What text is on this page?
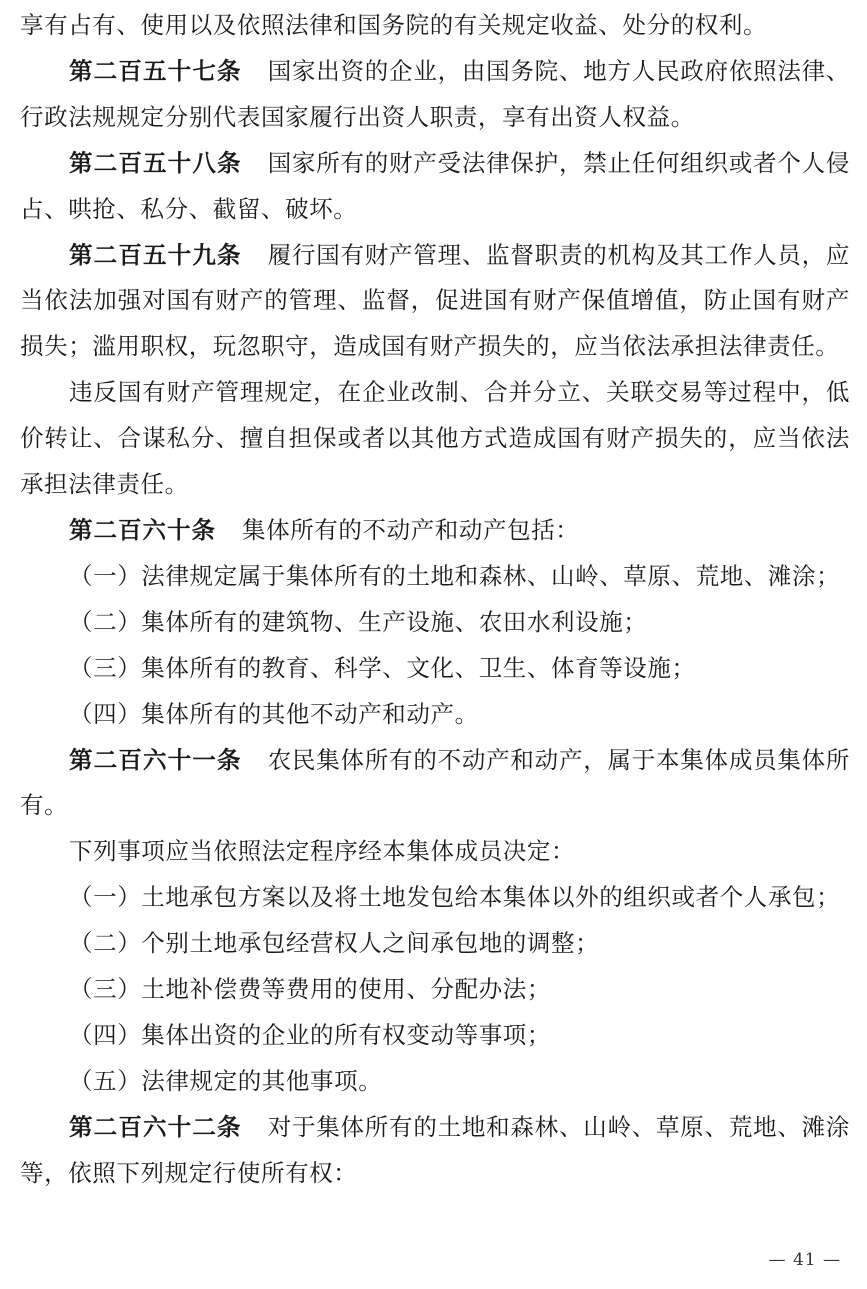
享有占有、使用以及依照法律和国务院的有关规定收益、处分的权利。

第二百五十七条 国家出资的企业，由国务院、地方人民政府依照法律、行政法规规定分别代表国家履行出资人职责，享有出资人权益。

第二百五十八条 国家所有的财产受法律保护，禁止任何组织或者个人侵占、哄抢、私分、截留、破坏。

第二百五十九条 履行国有财产管理、监督职责的机构及其工作人员，应当依法加强对国有财产的管理、监督，促进国有财产保值增值，防止国有财产损失；滥用职权，玩忽职守，造成国有财产损失的，应当依法承担法律责任。

违反国有财产管理规定，在企业改制、合并分立、关联交易等过程中，低价转让、合谋私分、擅自担保或者以其他方式造成国有财产损失的，应当依法承担法律责任。

第二百六十条 集体所有的不动产和动产包括：

（一）法律规定属于集体所有的土地和森林、山岭、草原、荒地、滩涂；

（二）集体所有的建筑物、生产设施、农田水利设施；

（三）集体所有的教育、科学、文化、卫生、体育等设施；

（四）集体所有的其他不动产和动产。

第二百六十一条 农民集体所有的不动产和动产，属于本集体成员集体所有。

下列事项应当依照法定程序经本集体成员决定：

（一）土地承包方案以及将土地发包给本集体以外的组织或者个人承包；

（二）个别土地承包经营权人之间承包地的调整；

（三）土地补偿费等费用的使用、分配办法；

（四）集体出资的企业的所有权变动等事项；

（五）法律规定的其他事项。

第二百六十二条 对于集体所有的土地和森林、山岭、草原、荒地、滩涂等，依照下列规定行使所有权：

— 41 —
